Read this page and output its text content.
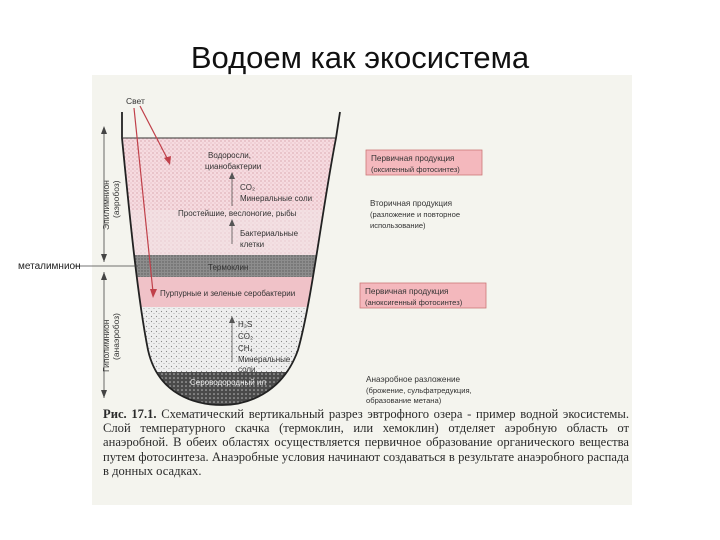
Водоем как экосистема
Эпилимнион (аэробоз)
Гиполимнион (анаэробоз)
Свет
Водоросли,
цианобактерии
CO₂
Минеральные соли
Простейшие, веслоногие, рыбы
Бактериальные
клетки
Термоклин
Пурпурные и зеленые серобактерии
H₂S
CO₂
CH₄
Минеральные
соли
Сероводородный ил
Первичная продукция
(оксигенный фотосинтез)
Вторичная продукция
(разложение и повторное
использование)
Первичная продукция
(аноксигенный фотосинтез)
Анаэробное разложение
(брожение, сульфатредукция,
образование метана)
металимнион
Рис. 17.1. Схематический вертикальный разрез эвтрофного озера - пример водной экосистемы. Слой температурного скачка (термоклин, или хемоклин) отделяет аэробную область от анаэробной. В обеих областях осуществляется первичное образование органического вещества путем фотосинтеза. Анаэробные условия начинают создаваться в результате анаэробного распада в донных осадках.
